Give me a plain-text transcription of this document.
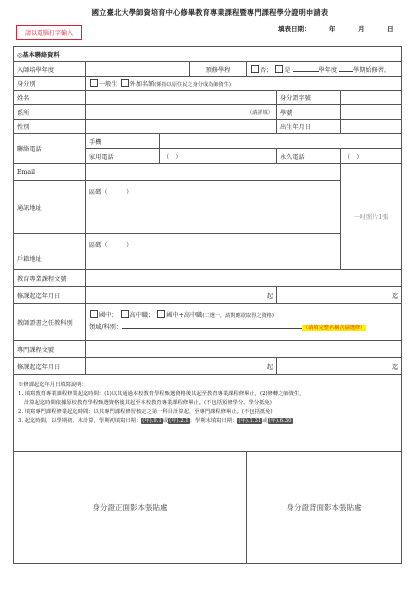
國立臺北大學師資培育中心修畢教育專業課程暨專門課程學分證明申請表
請以電腦打字輸入
填表日期：	年	月	日
◎基本聯絡資料						
入師培學年度			預修學程	否； 是 學年度 學期始修習。		
身分別	一般生 外加名額(係指以原住民之身分成為師資生)					
姓名					身分證字號	
系所	（請詳填）				學號	
性別					出生年月日	
聯絡電話	手機					
	家用電話	（　）			永久電話	（　）
Email						一吋照片1張
通訊地址	區碼（　　　）					
戶籍地址	區碼（　　　）					
教育專業課程文號						
修課起迄年月日	起				迄	
教師證書之任教科別	國中； 高中職； 國中+高中職(二選一，請對應欲取得之資格)
領域/科別： （請填完整名稱含副選修）					

專門課程文號						
修課起迄年月日	起				迄	

※修課起迄年月日填寫說明：
1. 填寫教育專業課程修業起迄時間：(1)以其通過本校教育學程甄選資格後其起至教育專業課程修畢止，(2)修轉之師資生，
計算起迄時間依據原校教育學程甄選資格後其起至本校教育專業課程修畢止。(不包括預修學分、學分抵免)
2. 填寫專門課程修業起迄時間：以其專門課程修習核定之第一科目計算起，至專門課程修畢止。(不包括抵免)
3. 起迄時間，以學期初、末計算，學期初填寫日期：(年).9.1或(年).2.1；學期末填寫日期：(年).1.31或(年).6.30						

身分證正面影本張貼處				身分證背面影本張貼處		
